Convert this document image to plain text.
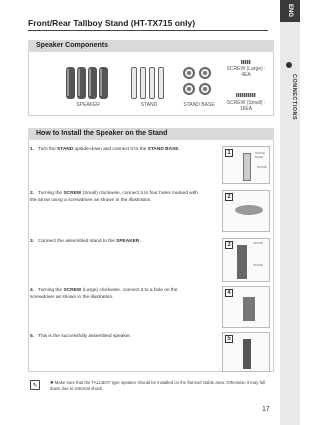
ENG
CONNECTIONS
Front/Rear Tallboy Stand (HT-TX715 only)
Speaker Components
SPEAKER	STAND	STAND BASE
SCREW (Large) : 4EA
SCREW (Small) : 16EA
How to Install the Speaker on the Stand
1. Turn the STAND upside-down and connect it to the STAND BASE.
2. Turning the SCREW (Small) clockwise, connect it to four holes marked with the arrow using a screwdriver as shown in the illustration.
3. Connect the assembled stand to the SPEAKER.
4. Turning the SCREW (Large) clockwise, connect it to a hole on the screwdriver as shown in the illustration.
5. This is the successfully assembled speaker.
1	STAND BASE
STAND
2
3	STAND
STAND
4
5
✎	✱ Make sure that the TALLBOY type speaker should be installed on the flat and stable area. Otherwise it may fall down due to external shock.
17
